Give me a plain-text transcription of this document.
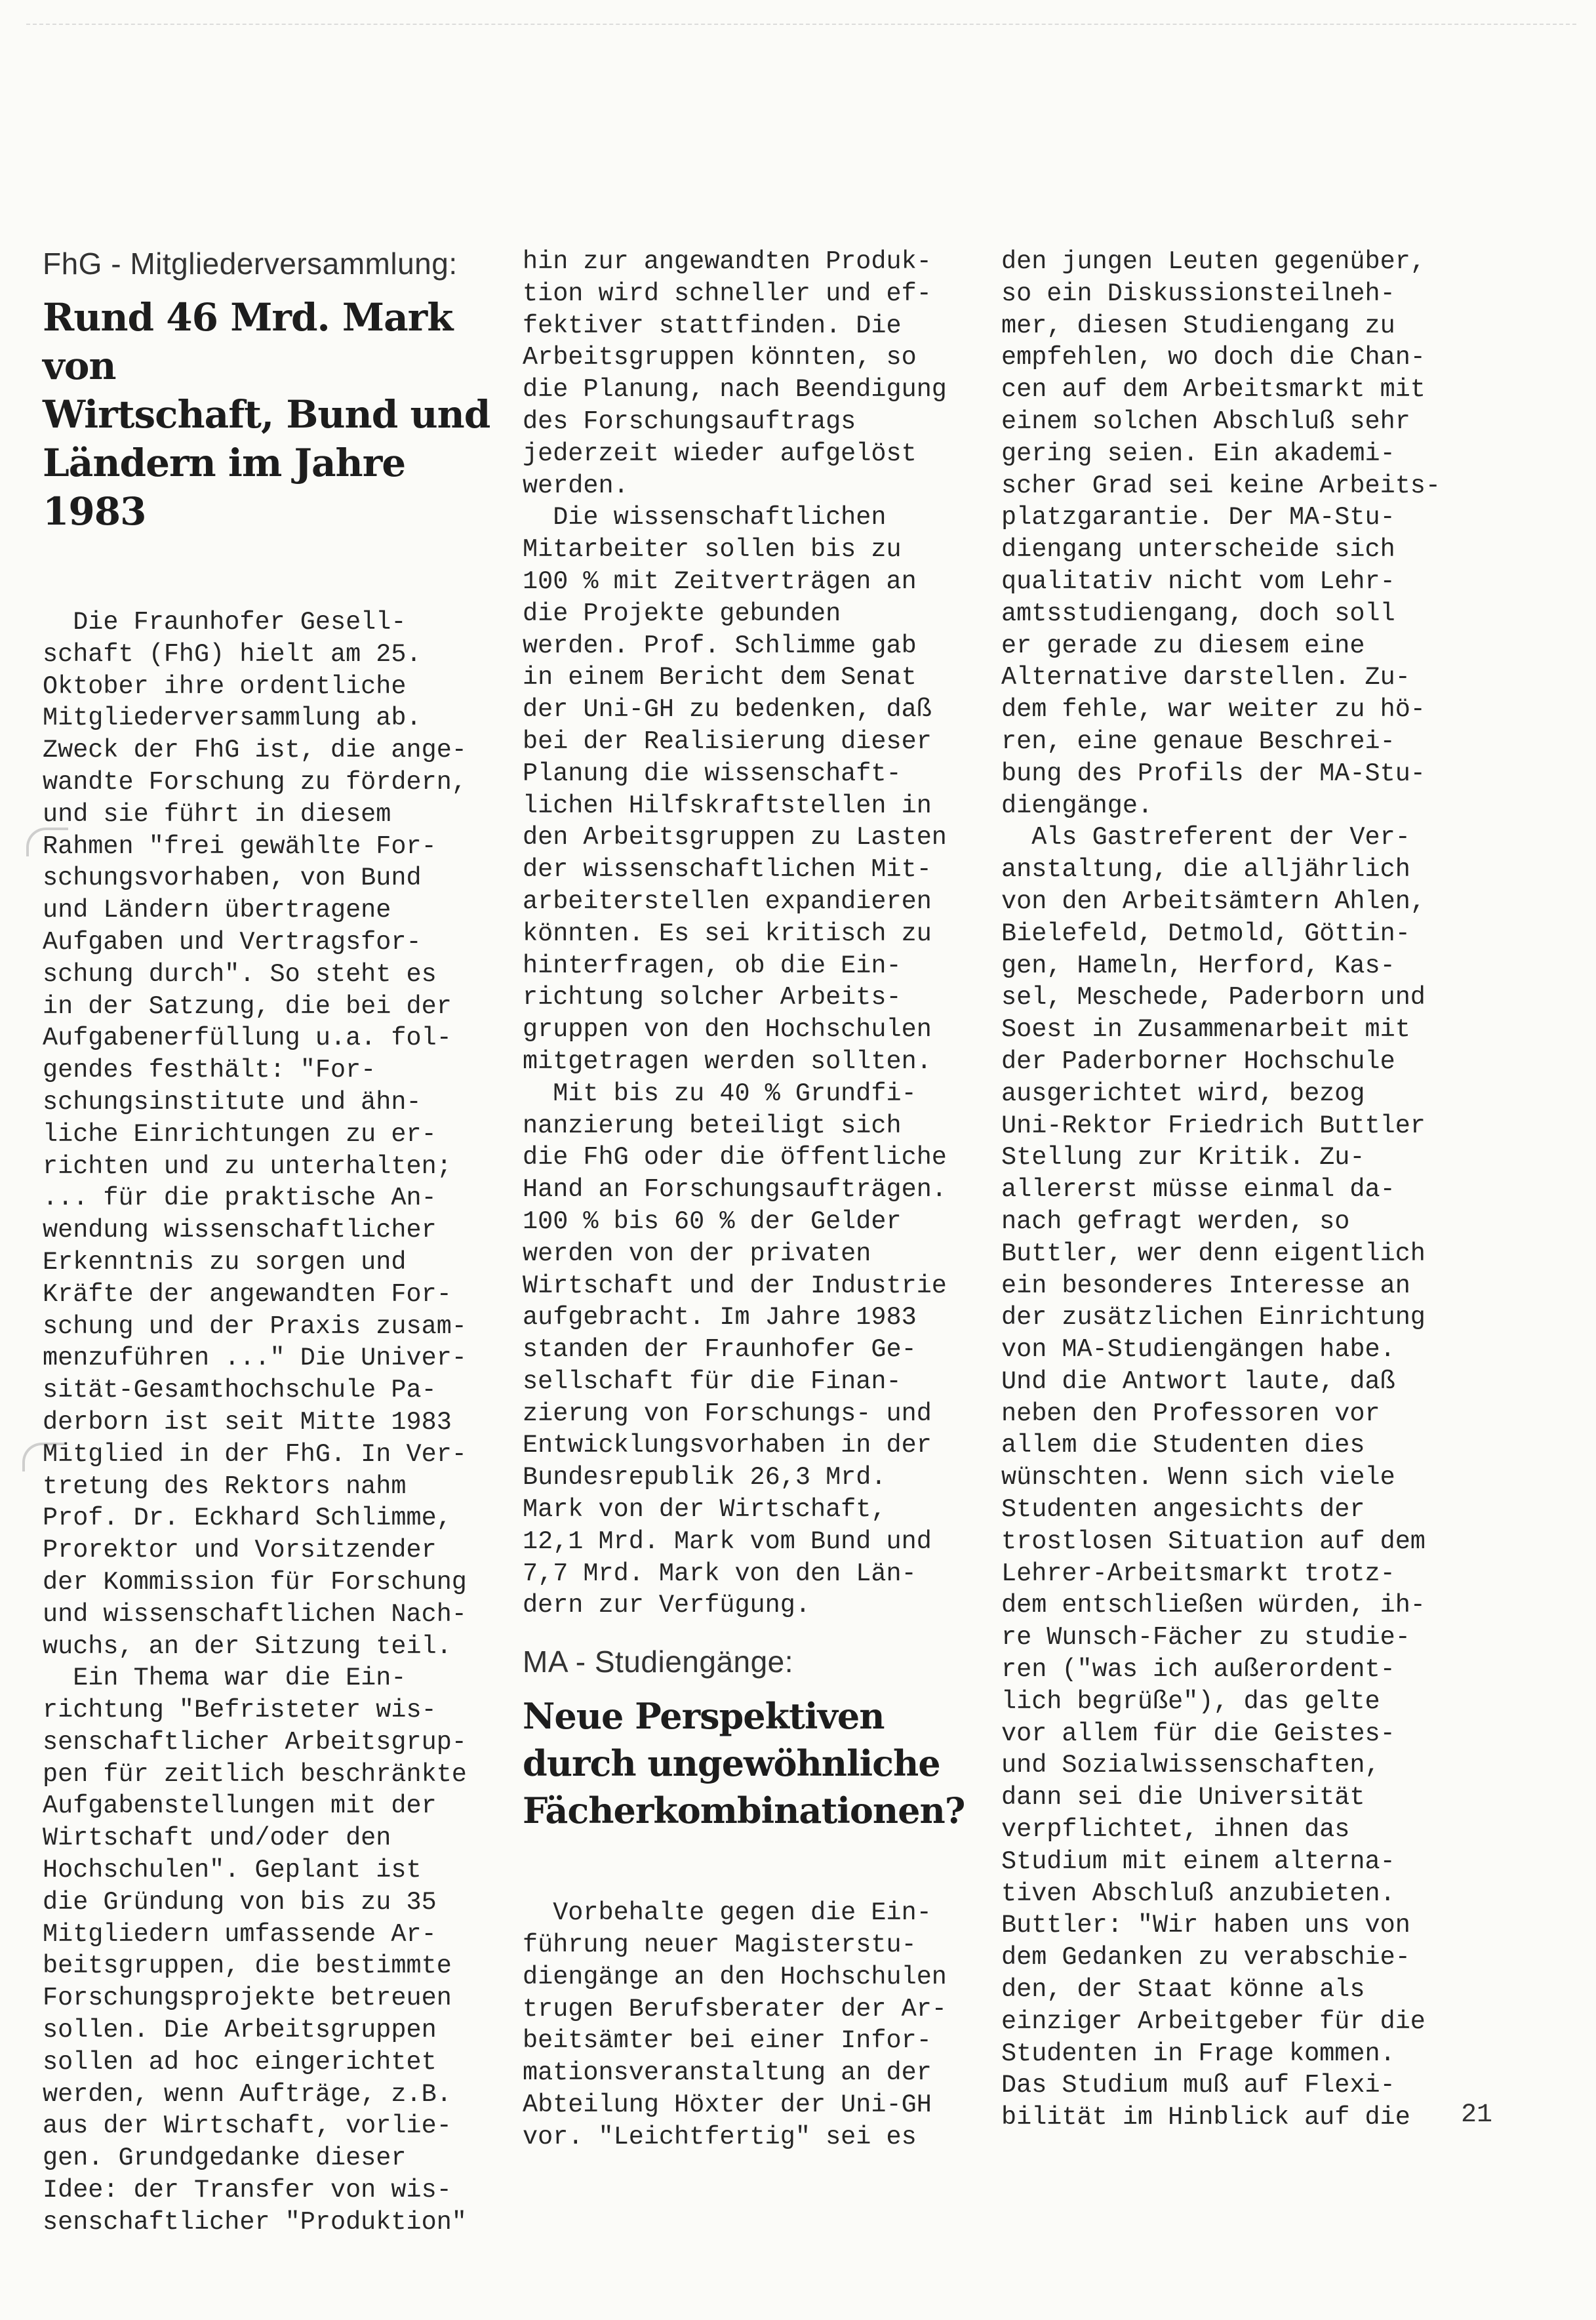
FhG - Mitgliederversammlung:
Rund 46 Mrd. Mark von
Wirtschaft, Bund und
Ländern im Jahre 1983
Die Fraunhofer Gesell-
schaft (FhG) hielt am 25.
Oktober ihre ordentliche
Mitgliederversammlung ab.
Zweck der FhG ist, die ange-
wandte Forschung zu fördern,
und sie führt in diesem
Rahmen "frei gewählte For-
schungsvorhaben, von Bund
und Ländern übertragene
Aufgaben und Vertragsfor-
schung durch". So steht es
in der Satzung, die bei der
Aufgabenerfüllung u.a. fol-
gendes festhält: "For-
schungsinstitute und ähn-
liche Einrichtungen zu er-
richten und zu unterhalten;
... für die praktische An-
wendung wissenschaftlicher
Erkenntnis zu sorgen und
Kräfte der angewandten For-
schung und der Praxis zusam-
menzuführen ..." Die Univer-
sität-Gesamthochschule Pa-
derborn ist seit Mitte 1983
Mitglied in der FhG. In Ver-
tretung des Rektors nahm
Prof. Dr. Eckhard Schlimme,
Prorektor und Vorsitzender
der Kommission für Forschung
und wissenschaftlichen Nach-
wuchs, an der Sitzung teil.
Ein Thema war die Ein-
richtung "Befristeter wis-
senschaftlicher Arbeitsgrup-
pen für zeitlich beschränkte
Aufgabenstellungen mit der
Wirtschaft und/oder den
Hochschulen". Geplant ist
die Gründung von bis zu 35
Mitgliedern umfassende Ar-
beitsgruppen, die bestimmte
Forschungsprojekte betreuen
sollen. Die Arbeitsgruppen
sollen ad hoc eingerichtet
werden, wenn Aufträge, z.B.
aus der Wirtschaft, vorlie-
gen. Grundgedanke dieser
Idee: der Transfer von wis-
senschaftlicher "Produktion"
hin zur angewandten Produk-
tion wird schneller und ef-
fektiver stattfinden. Die
Arbeitsgruppen könnten, so
die Planung, nach Beendigung
des Forschungsauftrags
jederzeit wieder aufgelöst
werden.
Die wissenschaftlichen
Mitarbeiter sollen bis zu
100 % mit Zeitverträgen an
die Projekte gebunden
werden. Prof. Schlimme gab
in einem Bericht dem Senat
der Uni-GH zu bedenken, daß
bei der Realisierung dieser
Planung die wissenschaft-
lichen Hilfskraftstellen in
den Arbeitsgruppen zu Lasten
der wissenschaftlichen Mit-
arbeiterstellen expandieren
könnten. Es sei kritisch zu
hinterfragen, ob die Ein-
richtung solcher Arbeits-
gruppen von den Hochschulen
mitgetragen werden sollten.
Mit bis zu 40 % Grundfi-
nanzierung beteiligt sich
die FhG oder die öffentliche
Hand an Forschungsaufträgen.
100 % bis 60 % der Gelder
werden von der privaten
Wirtschaft und der Industrie
aufgebracht. Im Jahre 1983
standen der Fraunhofer Ge-
sellschaft für die Finan-
zierung von Forschungs- und
Entwicklungsvorhaben in der
Bundesrepublik 26,3 Mrd.
Mark von der Wirtschaft,
12,1 Mrd. Mark vom Bund und
7,7 Mrd. Mark von den Län-
dern zur Verfügung.
MA - Studiengänge:
Neue Perspektiven
durch ungewöhnliche
Fächerkombinationen?
Vorbehalte gegen die Ein-
führung neuer Magisterstu-
diengänge an den Hochschulen
trugen Berufsberater der Ar-
beitsämter bei einer Infor-
mationsveranstaltung an der
Abteilung Höxter der Uni-GH
vor. "Leichtfertig" sei es
den jungen Leuten gegenüber,
so ein Diskussionsteilneh-
mer, diesen Studiengang zu
empfehlen, wo doch die Chan-
cen auf dem Arbeitsmarkt mit
einem solchen Abschluß sehr
gering seien. Ein akademi-
scher Grad sei keine Arbeits-
platzgarantie. Der MA-Stu-
diengang unterscheide sich
qualitativ nicht vom Lehr-
amtsstudiengang, doch soll
er gerade zu diesem eine
Alternative darstellen. Zu-
dem fehle, war weiter zu hö-
ren, eine genaue Beschrei-
bung des Profils der MA-Stu-
diengänge.
Als Gastreferent der Ver-
anstaltung, die alljährlich
von den Arbeitsämtern Ahlen,
Bielefeld, Detmold, Göttin-
gen, Hameln, Herford, Kas-
sel, Meschede, Paderborn und
Soest in Zusammenarbeit mit
der Paderborner Hochschule
ausgerichtet wird, bezog
Uni-Rektor Friedrich Buttler
Stellung zur Kritik. Zu-
allererst müsse einmal da-
nach gefragt werden, so
Buttler, wer denn eigentlich
ein besonderes Interesse an
der zusätzlichen Einrichtung
von MA-Studiengängen habe.
Und die Antwort laute, daß
neben den Professoren vor
allem die Studenten dies
wünschten. Wenn sich viele
Studenten angesichts der
trostlosen Situation auf dem
Lehrer-Arbeitsmarkt trotz-
dem entschließen würden, ih-
re Wunsch-Fächer zu studie-
ren ("was ich außerordent-
lich begrüße"), das gelte
vor allem für die Geistes-
und Sozialwissenschaften,
dann sei die Universität
verpflichtet, ihnen das
Studium mit einem alterna-
tiven Abschluß anzubieten.
Buttler: "Wir haben uns von
dem Gedanken zu verabschie-
den, der Staat könne als
einziger Arbeitgeber für die
Studenten in Frage kommen.
Das Studium muß auf Flexi-
bilität im Hinblick auf die	21
